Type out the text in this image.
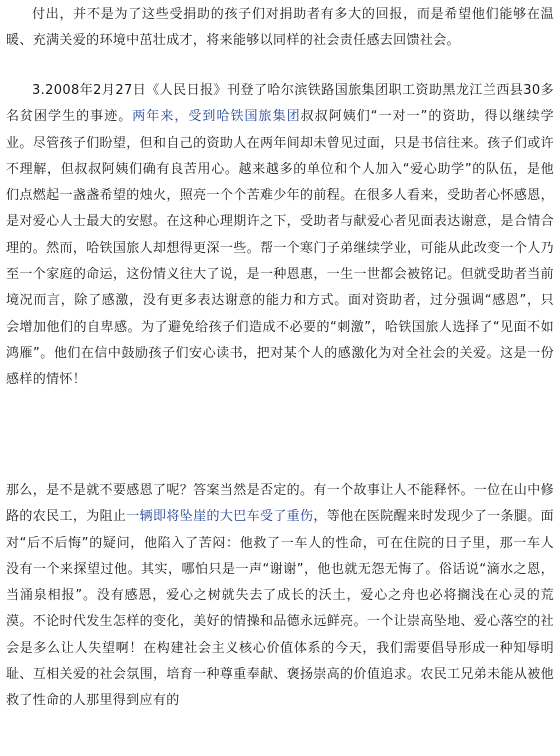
付出，并不是为了这些受捐助的孩子们对捐助者有多大的回报，而是希望他们能够在温暖、充满关爱的环境中茁壮成才，将来能够以同样的社会责任感去回馈社会。

3.2008年2月27日《人民日报》刊登了哈尔滨铁路国旅集团职工资助黑龙江兰西县30多名贫困学生的事迹。两年来，受到哈铁国旅集团叔叔阿姨们“一对一”的资助，得以继续学业。尽管孩子们盼望，但和自己的资助人在两年间却未曾见过面，只是书信往来。孩子们或许不理解，但叔叔阿姨们确有良苦用心。越来越多的单位和个人加入“爱心助学”的队伍，是他们点燃起一盏盏希望的烛火，照亮一个个苦难少年的前程。在很多人看来，受助者心怀感恩，是对爱心人士最大的安慰。在这种心理期许之下，受助者与献爱心者见面表达谢意，是合情合理的。然而，哈铁国旅人却想得更深一些。帮一个寒门子弟继续学业，可能从此改变一个人乃至一个家庭的命运，这份情义往大了说，是一种恩惠，一生一世都会被铭记。但就受助者当前境况而言，除了感激，没有更多表达谢意的能力和方式。面对资助者，过分强调“感恩”，只会增加他们的自卑感。为了避免给孩子们造成不必要的“刺激”，哈铁国旅人选择了“见面不如鸿雁”。他们在信中鼓励孩子们安心读书，把对某个人的感激化为对全社会的关爱。这是一份感样的情怀！

那么，是不是就不要感恩了呢？答案当然是否定的。有一个故事让人不能释怀。一位在山中修路的农民工，为阻止一辆即将坠崖的大巴车受了重伤，等他在医院醒来时发现少了一条腿。面对“后不后悔”的疑问，他陷入了苦闷：他救了一车人的性命，可在住院的日子里，那一车人没有一个来探望过他。其实，哪怕只是一声“谢谢”，他也就无怨无悔了。俗话说“滴水之恩，当涌泉相报”。没有感恩，爱心之树就失去了成长的沃土，爱心之舟也必将搁浅在心灵的荒漠。不论时代发生怎样的变化，美好的情操和品德永远鲜亮。一个让崇高坠地、爱心落空的社会是多么让人失望啊！在构建社会主义核心价值体系的今天，我们需要倡导形成一种知辱明耻、互相关爱的社会氛围，培育一种尊重奉献、褒扬崇高的价值追求。农民工兄弟未能从被他救了性命的人那里得到应有的
